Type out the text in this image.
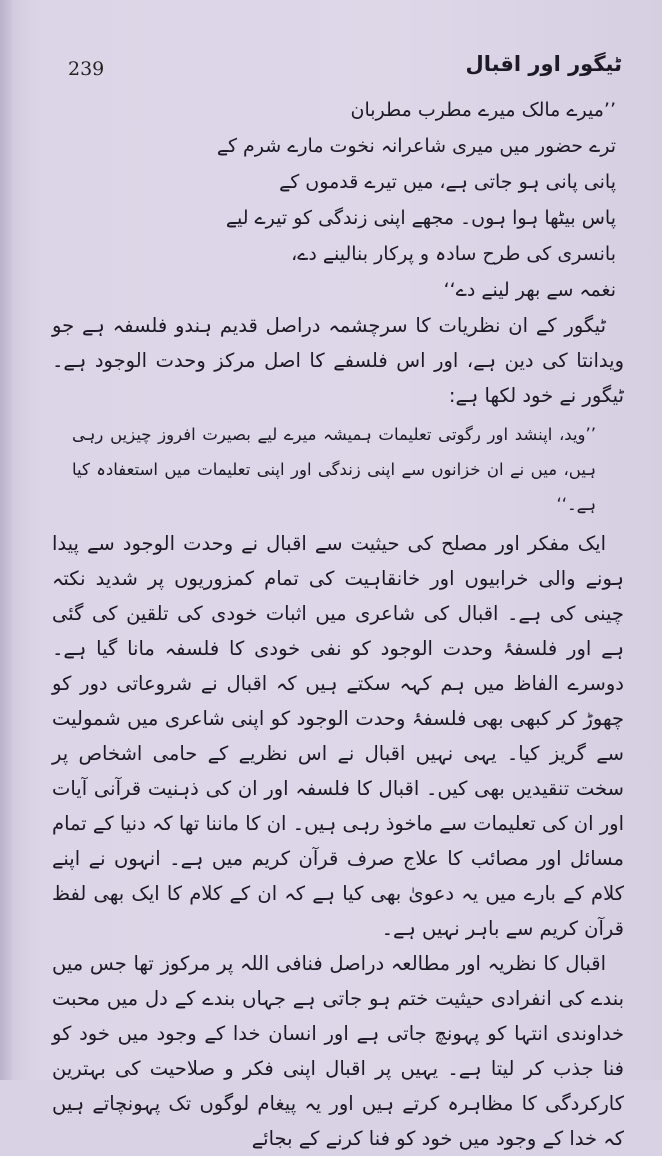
239	ٹیگور اور اقبال
’’میرے مالک میرے مطرب مطربان
ترے حضور میں میری شاعرانہ نخوت مارے شرم کے
پانی پانی ہو جاتی ہے، میں تیرے قدموں کے
پاس بیٹھا ہوا ہوں۔ مجھے اپنی زندگی کو تیرے لیے
بانسری کی طرح سادہ و پرکار بنالینے دے،
نغمہ سے بھر لینے دے‘‘

ٹیگور کے ان نظریات کا سرچشمہ دراصل قدیم ہندو فلسفہ ہے جو ویدانتا کی دین ہے، اور اس فلسفے کا اصل مرکز وحدت الوجود ہے۔ ٹیگور نے خود لکھا ہے:

’’وید، اپنشد اور رگوتی تعلیمات ہمیشہ میرے لیے بصیرت افروز چیزیں رہی ہیں، میں نے ان خزانوں سے اپنی زندگی اور اپنی تعلیمات میں استعفادہ کیا ہے۔‘‘

ایک مفکر اور مصلح کی حیثیت سے اقبال نے وحدت الوجود سے پیدا ہونے والی خرابیوں اور خانقاہیت کی تمام کمزوریوں پر شدید نکتہ چینی کی ہے۔ اقبال کی شاعری میں اثبات خودی کی تلقین کی گئی ہے اور فلسفۂ وحدت الوجود کو نفی خودی کا فلسفہ مانا گیا ہے۔ دوسرے الفاظ میں ہم کہہ سکتے ہیں کہ اقبال نے شروعاتی دور کو چھوڑ کر کبھی بھی فلسفۂ وحدت الوجود کو اپنی شاعری میں شمولیت سے گریز کیا۔ یہی نہیں اقبال نے اس نظریے کے حامی اشخاص پر سخت تنقیدیں بھی کیں۔ اقبال کا فلسفہ اور ان کی ذہنیت قرآنی آیات اور ان کی تعلیمات سے ماخوذ رہی ہیں۔ ان کا ماننا تھا کہ دنیا کے تمام مسائل اور مصائب کا علاج صرف قرآن کریم میں ہے۔ انہوں نے اپنے کلام کے بارے میں یہ دعویٰ بھی کیا ہے کہ ان کے کلام کا ایک بھی لفظ قرآن کریم سے باہر نہیں ہے۔

اقبال کا نظریہ اور مطالعہ دراصل فنافی اللہ پر مرکوز تھا جس میں بندے کی انفرادی حیثیت ختم ہو جاتی ہے جہاں بندے کے دل میں محبت خداوندی انتہا کو پہونچ جاتی ہے اور انسان خدا کے وجود میں خود کو فنا جذب کر لیتا ہے۔ یہیں پر اقبال اپنی فکر و صلاحیت کی بہترین کارکردگی کا مظاہرہ کرتے ہیں اور یہ پیغام لوگوں تک پہونچاتے ہیں کہ خدا کے وجود میں خود کو فنا کرنے کے بجائے
